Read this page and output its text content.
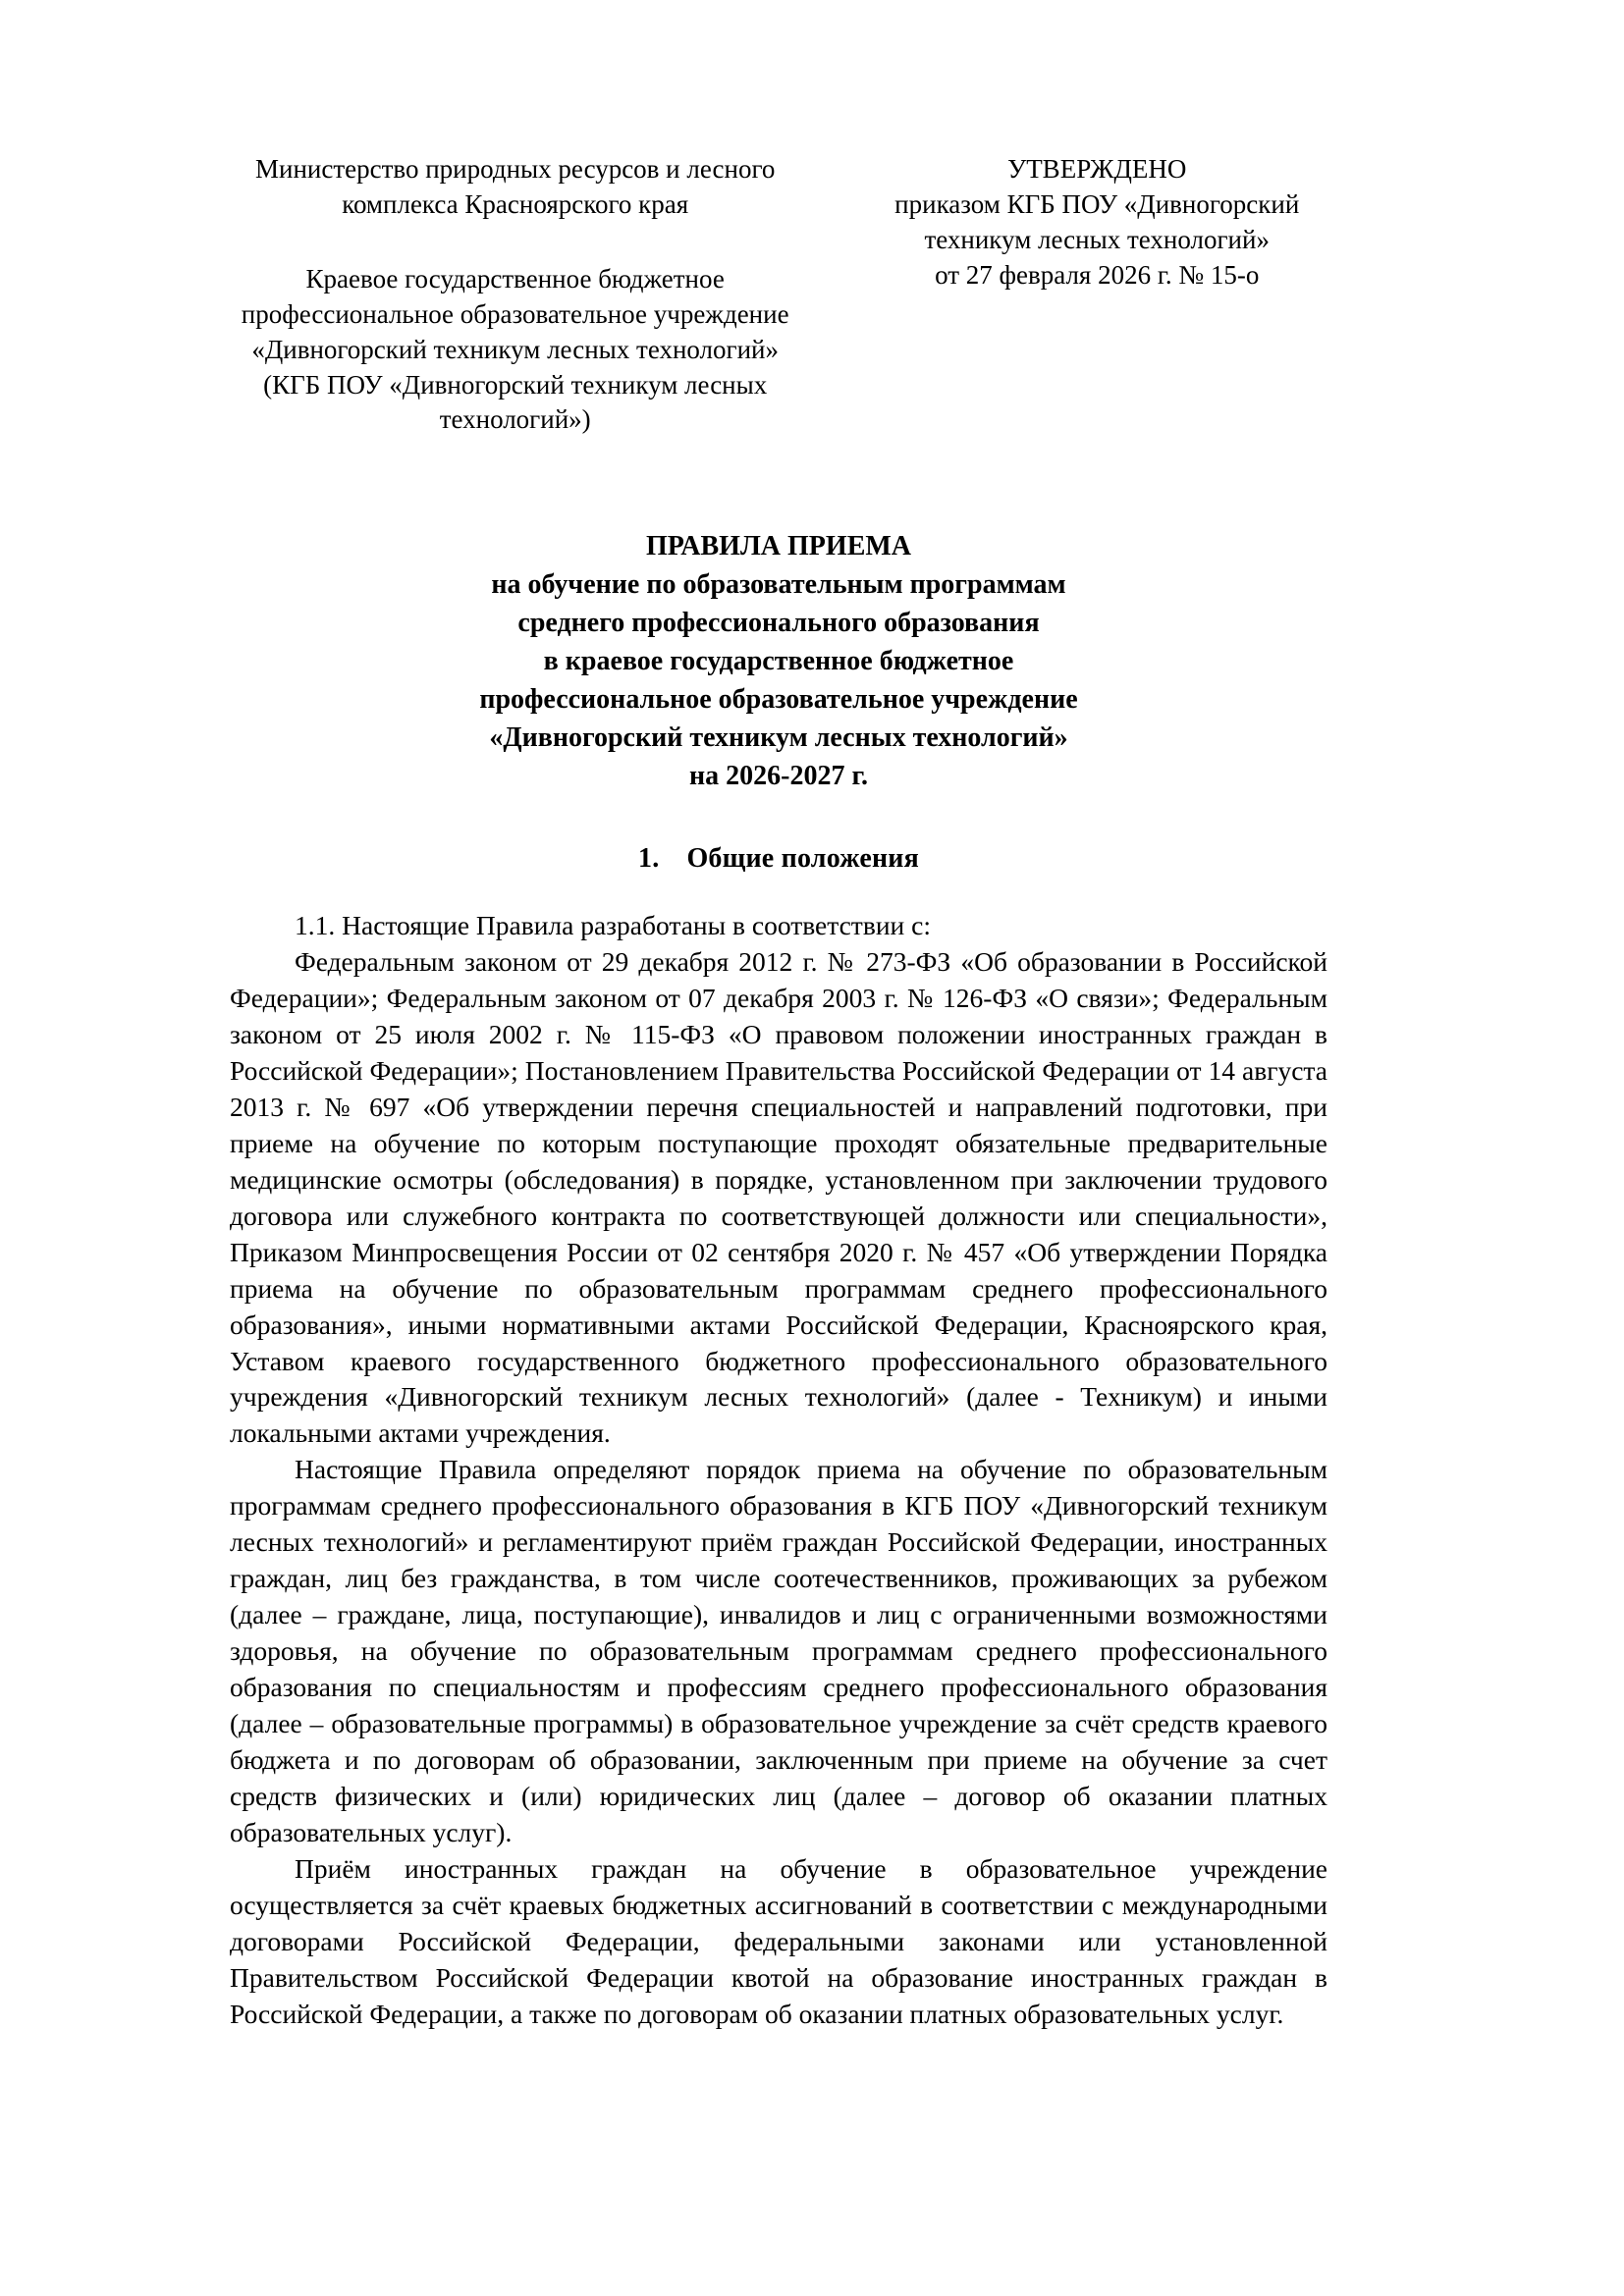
Министерство природных ресурсов и лесного
комплекса Красноярского края
Краевое государственное бюджетное
профессиональное образовательное учреждение
«Дивногорский техникум лесных технологий»
(КГБ ПОУ «Дивногорский техникум лесных
технологий»)
УТВЕРЖДЕНО
приказом КГБ ПОУ «Дивногорский
техникум лесных технологий»
от 27 февраля 2026 г. № 15-о
ПРАВИЛА ПРИЕМА
на обучение по образовательным программам
среднего профессионального образования
в краевое государственное бюджетное
профессиональное образовательное учреждение
«Дивногорский техникум лесных технологий»
на 2026-2027 г.
1. Общие положения

1.1. Настоящие Правила разработаны в соответствии с:

Федеральным законом от 29 декабря 2012 г. № 273-ФЗ «Об образовании в Российской Федерации»; Федеральным законом от 07 декабря 2003 г. № 126-ФЗ «О связи»; Федеральным законом от 25 июля 2002 г. № 115-ФЗ «О правовом положении иностранных граждан в Российской Федерации»; Постановлением Правительства Российской Федерации от 14 августа 2013 г. № 697 «Об утверждении перечня специальностей и направлений подготовки, при приеме на обучение по которым поступающие проходят обязательные предварительные медицинские осмотры (обследования) в порядке, установленном при заключении трудового договора или служебного контракта по соответствующей должности или специальности», Приказом Минпросвещения России от 02 сентября 2020 г. № 457 «Об утверждении Порядка приема на обучение по образовательным программам среднего профессионального образования», иными нормативными актами Российской Федерации, Красноярского края, Уставом краевого государственного бюджетного профессионального образовательного учреждения «Дивногорский техникум лесных технологий» (далее - Техникум) и иными локальными актами учреждения.

Настоящие Правила определяют порядок приема на обучение по образовательным программам среднего профессионального образования в КГБ ПОУ «Дивногорский техникум лесных технологий» и регламентируют приём граждан Российской Федерации, иностранных граждан, лиц без гражданства, в том числе соотечественников, проживающих за рубежом (далее – граждане, лица, поступающие), инвалидов и лиц с ограниченными возможностями здоровья, на обучение по образовательным программам среднего профессионального образования по специальностям и профессиям среднего профессионального образования (далее – образовательные программы) в образовательное учреждение за счёт средств краевого бюджета и по договорам об образовании, заключенным при приеме на обучение за счет средств физических и (или) юридических лиц (далее – договор об оказании платных образовательных услуг).

Приём иностранных граждан на обучение в образовательное учреждение осуществляется за счёт краевых бюджетных ассигнований в соответствии с международными договорами Российской Федерации, федеральными законами или установленной Правительством Российской Федерации квотой на образование иностранных граждан в Российской Федерации, а также по договорам об оказании платных образовательных услуг.
